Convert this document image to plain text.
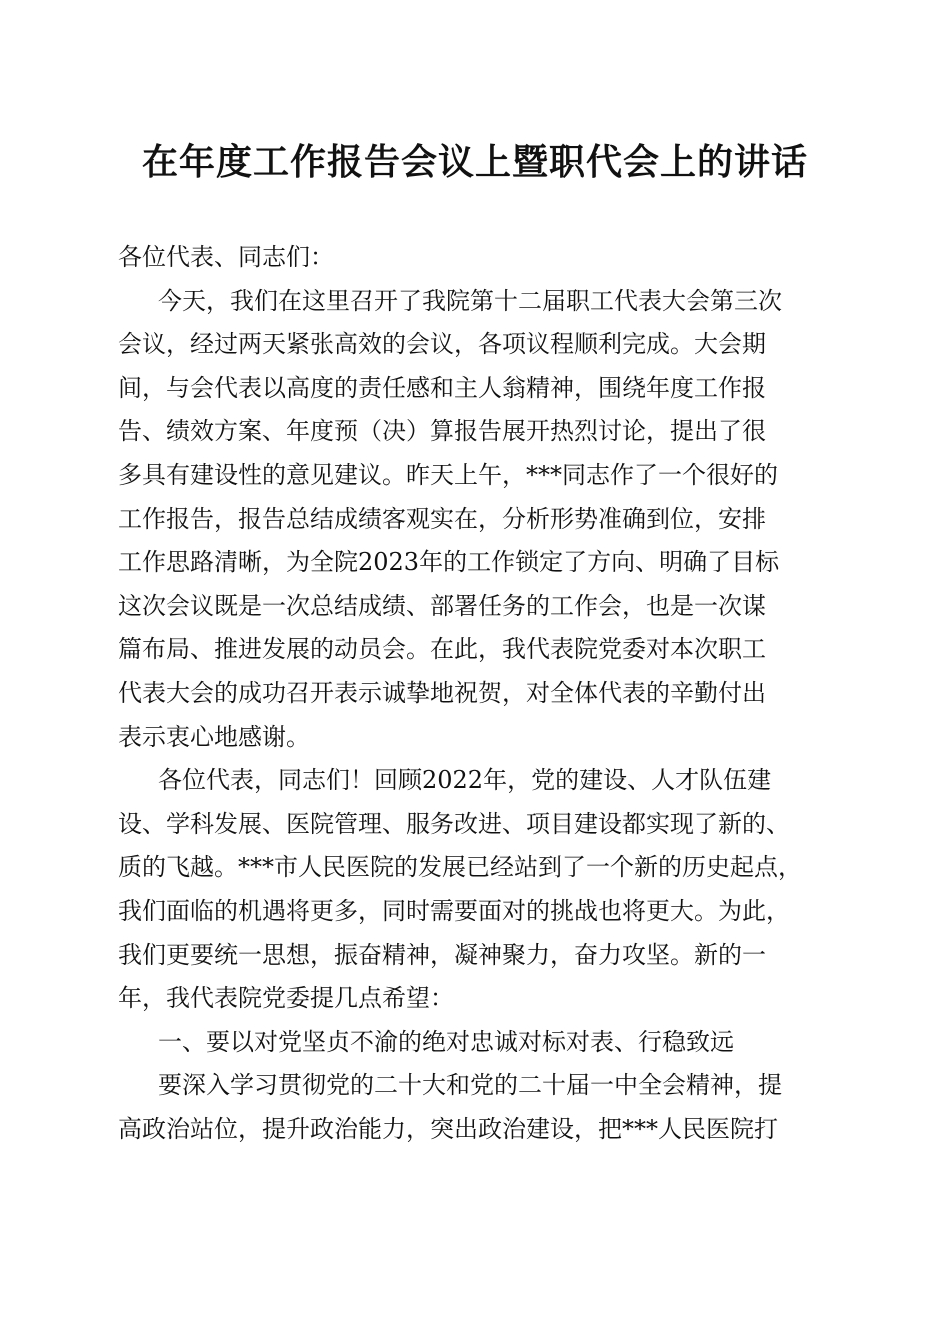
在年度工作报告会议上暨职代会上的讲话
各位代表、同志们：
今天，我们在这里召开了我院第十二届职工代表大会第三次
会议，经过两天紧张高效的会议，各项议程顺利完成。大会期
间，与会代表以高度的责任感和主人翁精神，围绕年度工作报
告、绩效方案、年度预（决）算报告展开热烈讨论，提出了很
多具有建设性的意见建议。昨天上午，***同志作了一个很好的
工作报告，报告总结成绩客观实在，分析形势准确到位，安排
工作思路清晰，为全院2023年的工作锁定了方向、明确了目标
这次会议既是一次总结成绩、部署任务的工作会，也是一次谋
篇布局、推进发展的动员会。在此，我代表院党委对本次职工
代表大会的成功召开表示诚挚地祝贺，对全体代表的辛勤付出
表示衷心地感谢。
各位代表，同志们！回顾2022年，党的建设、人才队伍建
设、学科发展、医院管理、服务改进、项目建设都实现了新的、
质的飞越。***市人民医院的发展已经站到了一个新的历史起点，
我们面临的机遇将更多，同时需要面对的挑战也将更大。为此，
我们更要统一思想，振奋精神，凝神聚力，奋力攻坚。新的一
年，我代表院党委提几点希望：
一、要以对党坚贞不渝的绝对忠诚对标对表、行稳致远
要深入学习贯彻党的二十大和党的二十届一中全会精神，提
高政治站位，提升政治能力，突出政治建设，把***人民医院打
